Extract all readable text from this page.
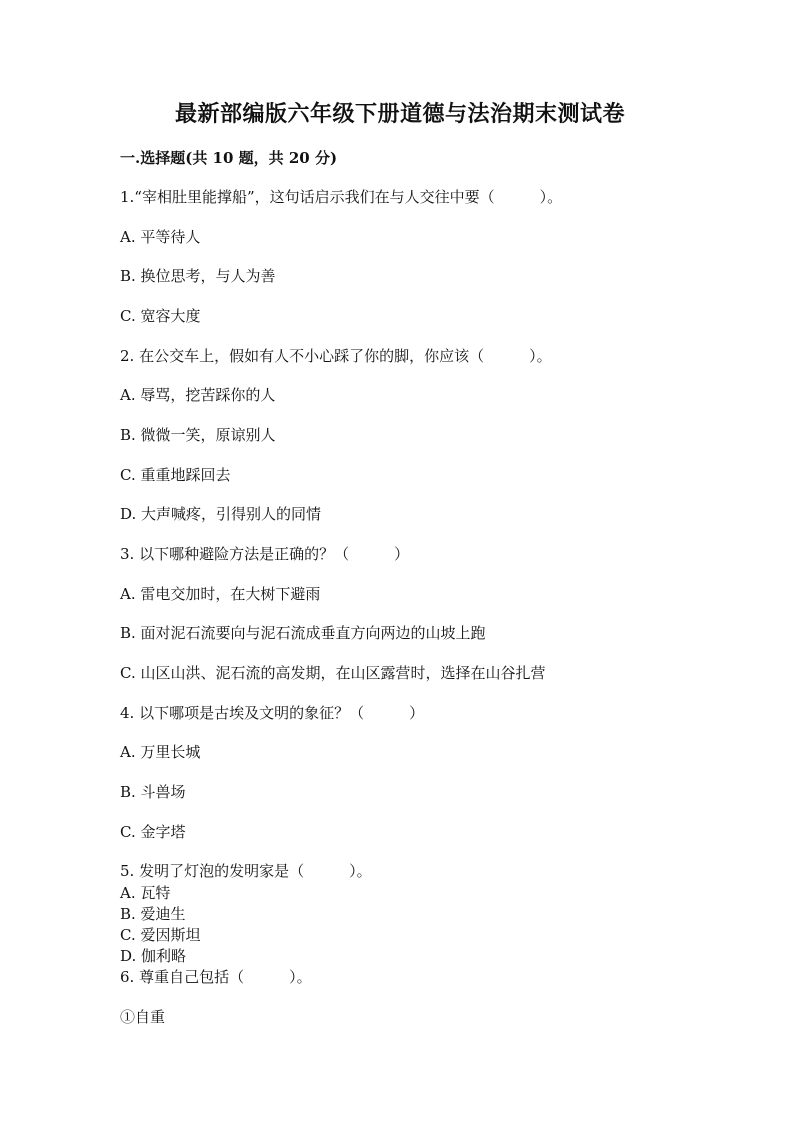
最新部编版六年级下册道德与法治期末测试卷
一.选择题(共 10 题，共 20 分)
1.“宰相肚里能撑船”，这句话启示我们在与人交往中要（　　　）。
A. 平等待人
B. 换位思考，与人为善
C. 宽容大度
2. 在公交车上，假如有人不小心踩了你的脚，你应该（　　　）。
A. 辱骂，挖苦踩你的人
B. 微微一笑，原谅别人
C. 重重地踩回去
D. 大声喊疼，引得别人的同情
3. 以下哪种避险方法是正确的？（　　　）
A. 雷电交加时，在大树下避雨
B. 面对泥石流要向与泥石流成垂直方向两边的山坡上跑
C. 山区山洪、泥石流的高发期，在山区露营时，选择在山谷扎营
4. 以下哪项是古埃及文明的象征？（　　　）
A. 万里长城
B. 斗兽场
C. 金字塔
5. 发明了灯泡的发明家是（　　　）。
A. 瓦特
B. 爱迪生
C. 爱因斯坦
D. 伽利略
6. 尊重自己包括（　　　）。
①自重
